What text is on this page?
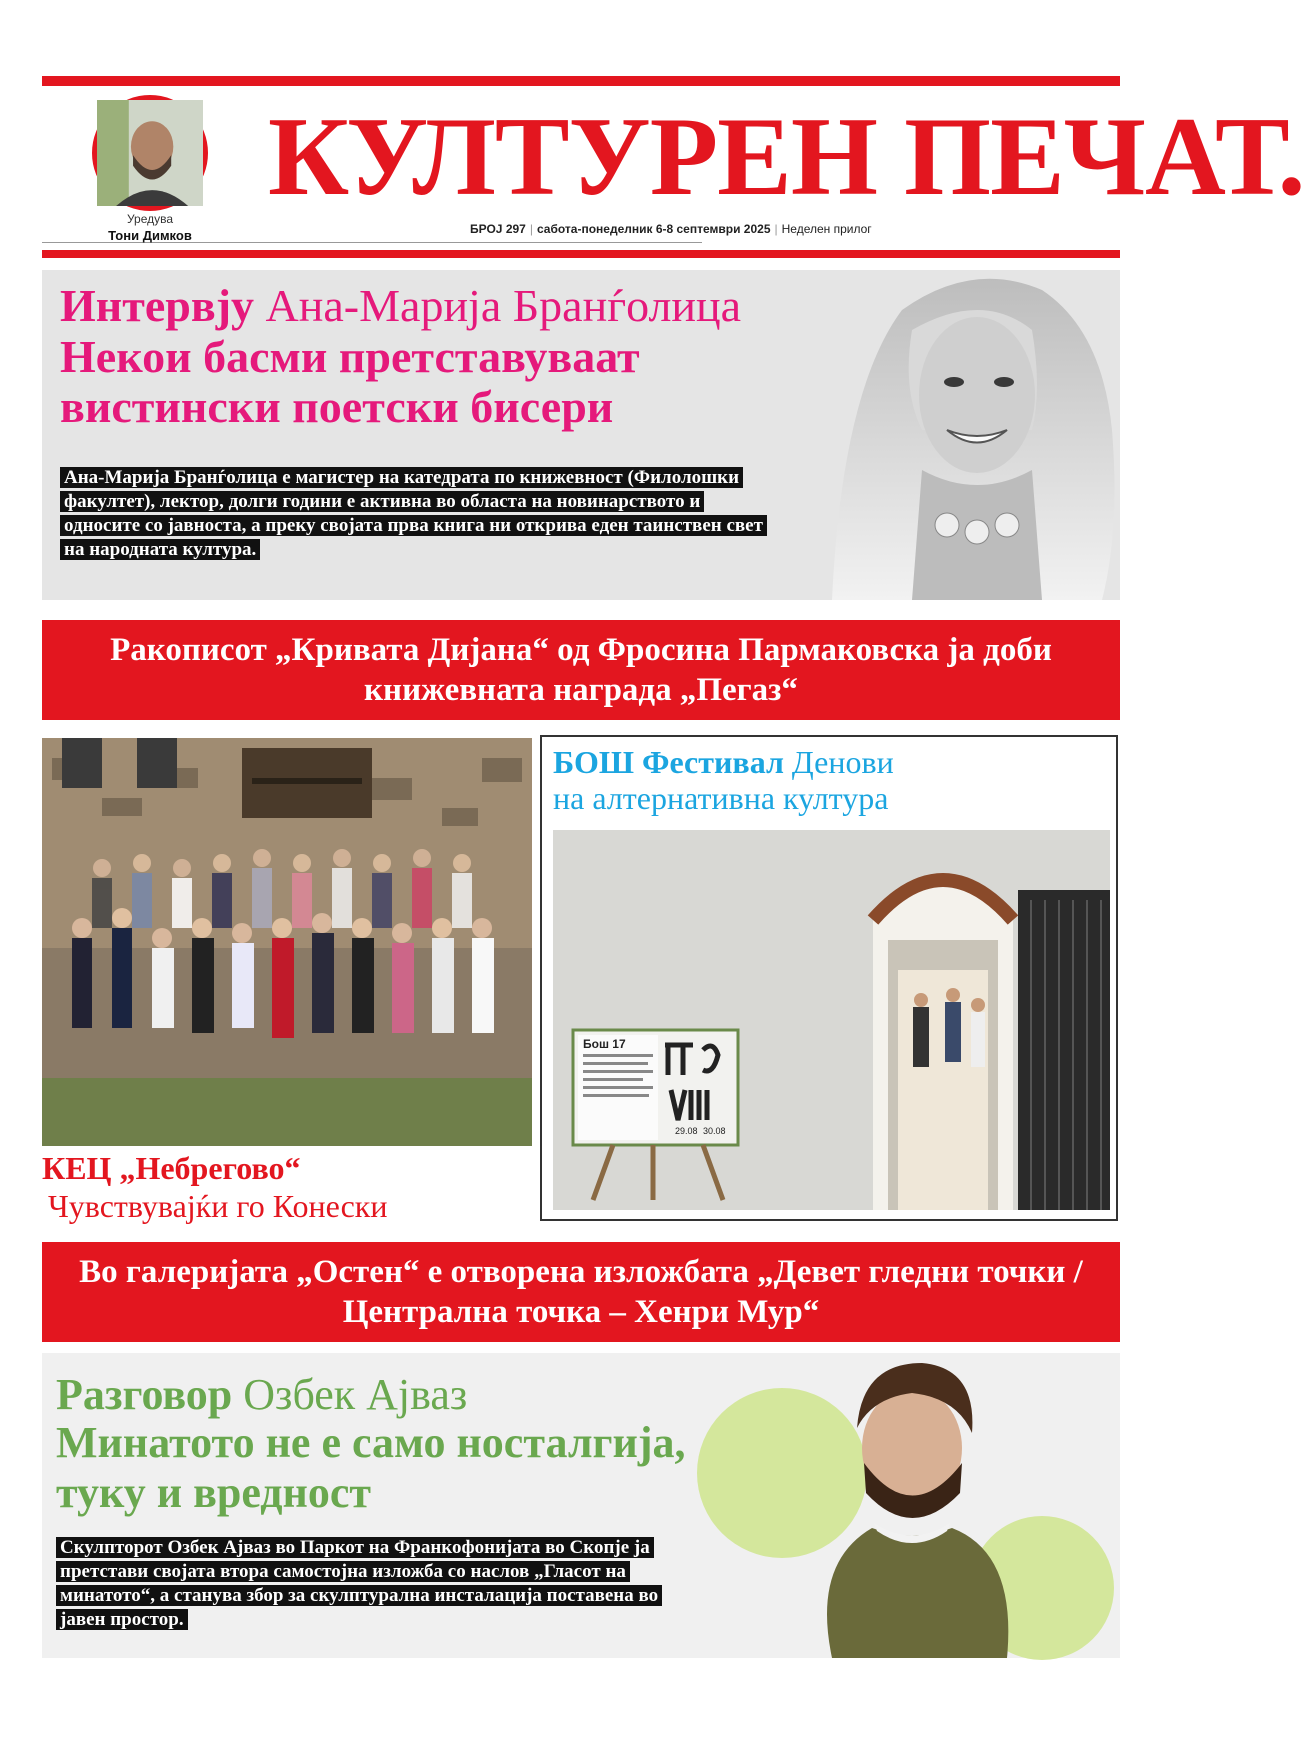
Уредува
Тони Димков
КУЛТУРЕН ПЕЧАТ.
БРОЈ 297 | сабота-понеделник 6-8 септември 2025 | Неделен прилог
Интервју Ана-Марија Бранѓолица
Некои басми претставуваат вистински поетски бисери
Ана-Марија Бранѓолица е магистер на катедрата по книжевност (Филолошки факултет), лектор, долги години е активна во областа на новинарството и односите со јавноста, а преку својата прва книга ни открива еден таинствен свет на народната култура.
Ракописот „Кривата Дијана“ од Фросина Пармаковска ја доби книжевната награда „Пегаз“
КЕЦ „Небрегово“
Чувствувајќи го Конески
БОШ Фестивал Денови
на алтернативна култура
Бош 17
29.08 30.08
Во галеријата „Остен“ е отворена изложбата „Девет гледни точки / Централна точка – Хенри Мур“
Разговор Озбек Ајваз
Минатото не е само носталгија, туку и вредност
Скулпторот Озбек Ајваз во Паркот на Франкофонијата во Скопје ја претстави својата втора самостојна изложба со наслов „Гласот на минатото“, а станува збор за скулптурална инсталација поставена во јавен простор.
